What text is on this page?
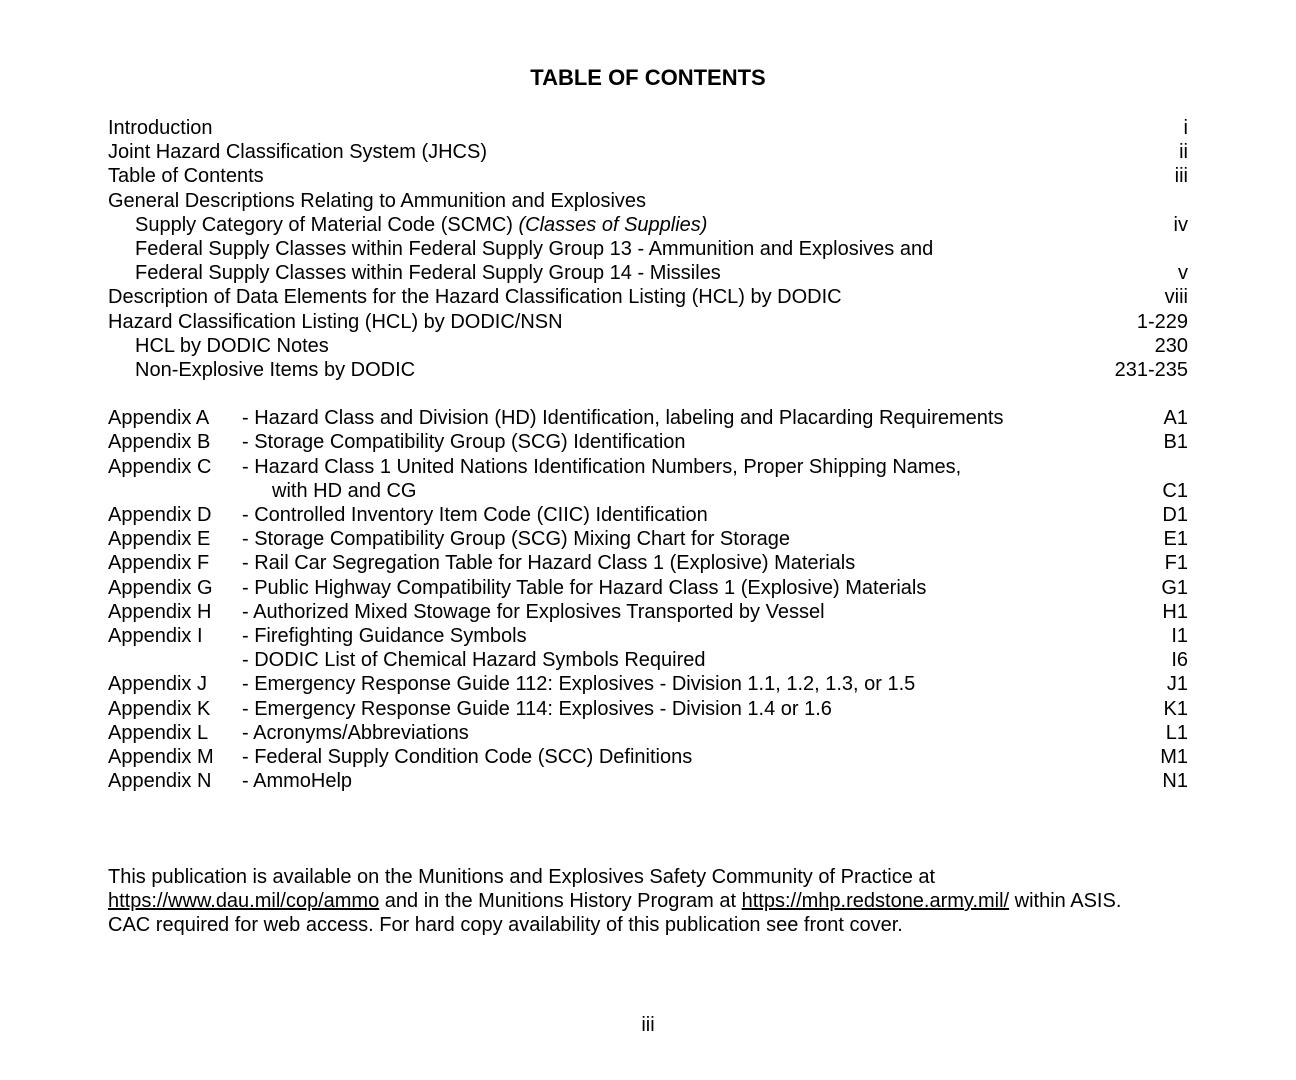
TABLE OF CONTENTS
Introduction	i
Joint Hazard Classification System (JHCS)	ii
Table of Contents	iii
General Descriptions Relating to Ammunition and Explosives
Supply Category of Material Code (SCMC) (Classes of Supplies)	iv
Federal Supply Classes within Federal Supply Group 13 - Ammunition and Explosives and
Federal Supply Classes within Federal Supply Group 14 - Missiles	v
Description of Data Elements for the Hazard Classification Listing (HCL) by DODIC	viii
Hazard Classification Listing (HCL) by DODIC/NSN	1-229
HCL by DODIC Notes	230
Non-Explosive Items by DODIC	231-235
Appendix A - Hazard Class and Division (HD) Identification, labeling and Placarding Requirements	A1
Appendix B - Storage Compatibility Group (SCG) Identification	B1
Appendix C - Hazard Class 1 United Nations Identification Numbers, Proper Shipping Names,
with HD and CG	C1
Appendix D - Controlled Inventory Item Code (CIIC) Identification	D1
Appendix E - Storage Compatibility Group (SCG) Mixing Chart for Storage	E1
Appendix F - Rail Car Segregation Table for Hazard Class 1 (Explosive) Materials	F1
Appendix G - Public Highway Compatibility Table for Hazard Class 1 (Explosive) Materials	G1
Appendix H - Authorized Mixed Stowage for Explosives Transported by Vessel	H1
Appendix I - Firefighting Guidance Symbols	I1
- DODIC List of Chemical Hazard Symbols Required	I6
Appendix J - Emergency Response Guide 112: Explosives - Division 1.1, 1.2, 1.3, or 1.5	J1
Appendix K - Emergency Response Guide 114: Explosives - Division 1.4 or 1.6	K1
Appendix L - Acronyms/Abbreviations	L1
Appendix M - Federal Supply Condition Code (SCC) Definitions	M1
Appendix N - AmmoHelp	N1
This publication is available on the Munitions and Explosives Safety Community of Practice at
https://www.dau.mil/cop/ammo and in the Munitions History Program at https://mhp.redstone.army.mil/ within ASIS.
CAC required for web access. For hard copy availability of this publication see front cover.
iii
